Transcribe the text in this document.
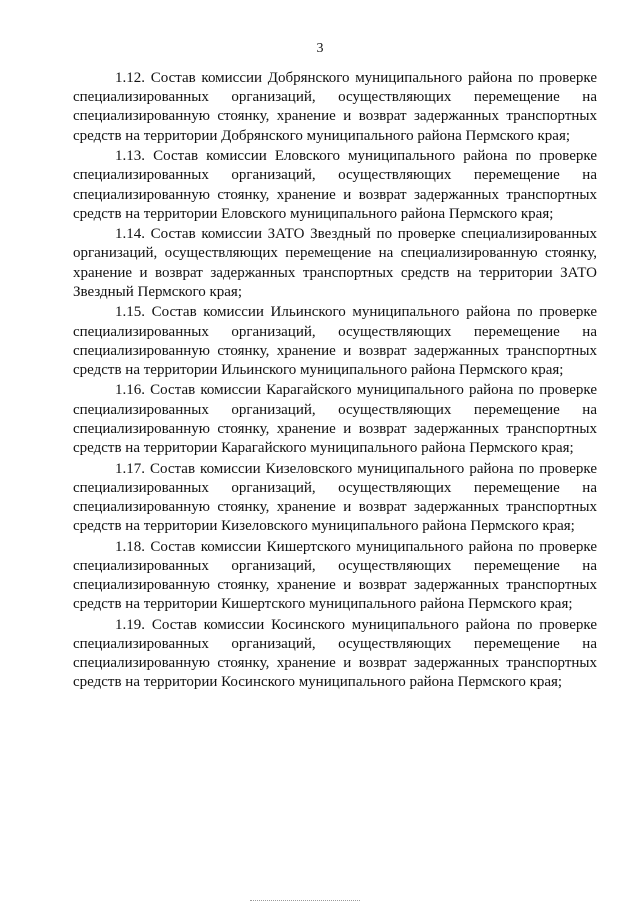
3

1.12. Состав комиссии Добрянского муниципального района по проверке специализированных организаций, осуществляющих перемещение на специализированную стоянку, хранение и возврат задержанных транспортных средств на территории Добрянского муниципального района Пермского края;

1.13. Состав комиссии Еловского муниципального района по проверке специализированных организаций, осуществляющих перемещение на специализированную стоянку, хранение и возврат задержанных транспортных средств на территории Еловского муниципального района Пермского края;

1.14. Состав комиссии ЗАТО Звездный по проверке специализированных организаций, осуществляющих перемещение на специализированную стоянку, хранение и возврат задержанных транспортных средств на территории ЗАТО Звездный Пермского края;

1.15. Состав комиссии Ильинского муниципального района по проверке специализированных организаций, осуществляющих перемещение на специализированную стоянку, хранение и возврат задержанных транспортных средств на территории Ильинского муниципального района Пермского края;

1.16. Состав комиссии Карагайского муниципального района по проверке специализированных организаций, осуществляющих перемещение на специализированную стоянку, хранение и возврат задержанных транспортных средств на территории Карагайского муниципального района Пермского края;

1.17. Состав комиссии Кизеловского муниципального района по проверке специализированных организаций, осуществляющих перемещение на специализированную стоянку, хранение и возврат задержанных транспортных средств на территории Кизеловского муниципального района Пермского края;

1.18. Состав комиссии Кишертского муниципального района по проверке специализированных организаций, осуществляющих перемещение на специализированную стоянку, хранение и возврат задержанных транспортных средств на территории Кишертского муниципального района Пермского края;

1.19. Состав комиссии Косинского муниципального района по проверке специализированных организаций, осуществляющих перемещение на специализированную стоянку, хранение и возврат задержанных транспортных средств на территории Косинского муниципального района Пермского края;
